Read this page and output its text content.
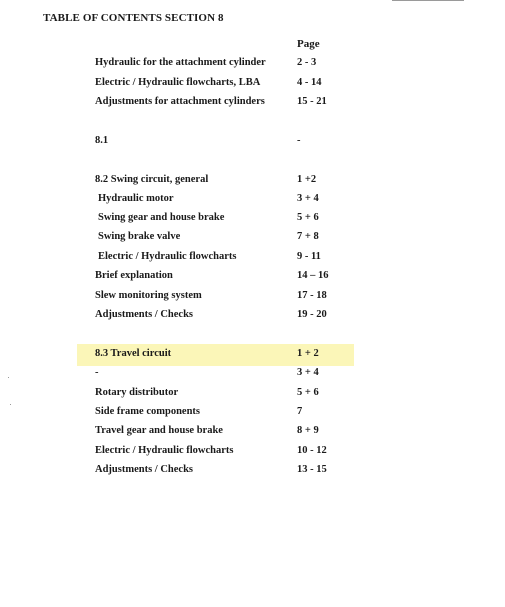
TABLE OF CONTENTS SECTION 8
Page
Hydraulic for the attachment cylinder	2 - 3
Electric / Hydraulic flowcharts, LBA	4 - 14
Adjustments for attachment cylinders	15 - 21
8.1	-
8.2 Swing circuit, general	1 +2
Hydraulic motor	3 + 4
Swing gear and house brake	5 + 6
Swing brake valve	7 + 8
Electric / Hydraulic flowcharts	9 - 11
Brief explanation	14 – 16
Slew monitoring system	17 - 18
Adjustments / Checks	19 - 20
8.3 Travel circuit	1 + 2
-	3 + 4
Rotary distributor	5 + 6
Side frame components	7
Travel gear and house brake	8 + 9
Electric / Hydraulic flowcharts	10 - 12
Adjustments / Checks	13 - 15
